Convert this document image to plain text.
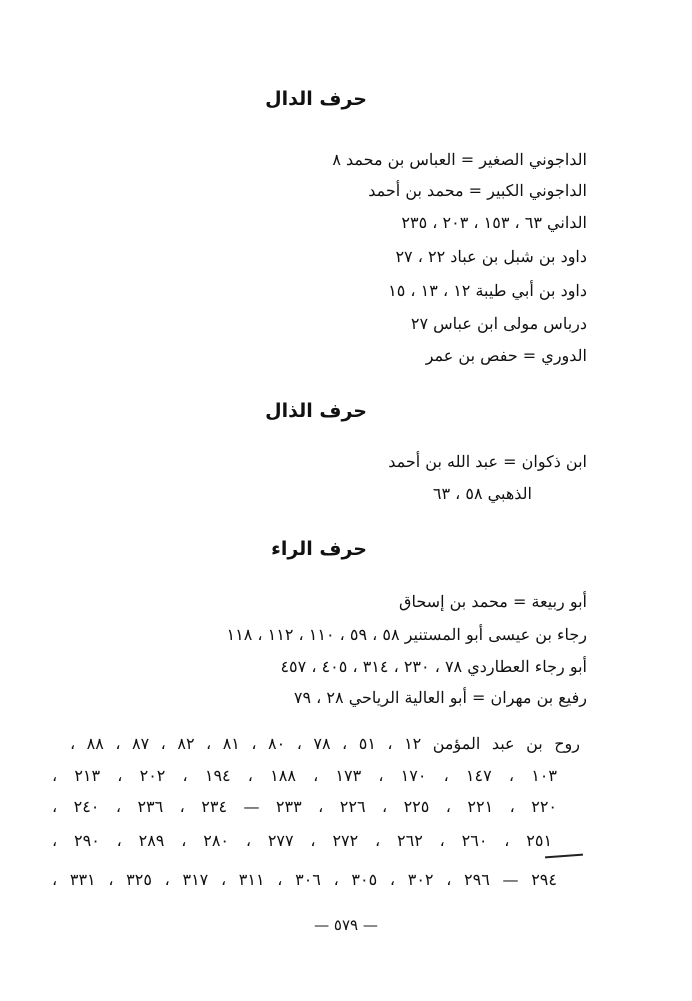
حرف الدال
الداجوني الصغير = العباس بن محمد ٨
الداجوني الكبير = محمد بن أحمد
الداني ٦٣ ، ١٥٣ ، ٢٠٣ ، ٢٣٥
داود بن شبل بن عباد ٢٢ ، ٢٧
داود بن أبي طيبة ١٢ ، ١٣ ، ١٥
درباس مولى ابن عباس ٢٧
الدوري = حفص بن عمر
حرف الذال
ابن ذكوان = عبد الله بن أحمد
الذهبي ٥٨ ، ٦٣
حرف الراء
أبو ربيعة = محمد بن إسحاق
رجاء بن عيسى أبو المستنير ٥٨ ، ٥٩ ، ١١٠ ، ١١٢ ، ١١٨
أبو رجاء العطاردي ٧٨ ، ٢٣٠ ، ٣١٤ ، ٤٠٥ ، ٤٥٧
رفيع بن مهران = أبو العالية الرياحي ٢٨ ، ٧٩
روح بن عبد المؤمن ١٢ ، ٥١ ، ٧٨ ، ٨٠ ، ٨١ ، ٨٢ ، ٨٧ ، ٨٨ ،
١٠٣ ، ١٤٧ ، ١٧٠ ، ١٧٣ ، ١٨٨ ، ١٩٤ ، ٢٠٢ ، ٢١٣ ،
٢٢٠ ، ٢٢١ ، ٢٢٥ ، ٢٢٦ ، ٢٣٣ — ٢٣٤ ، ٢٣٦ ، ٢٤٠ ،
٢٥١ ، ٢٦٠ ، ٢٦٢ ، ٢٧٢ ، ٢٧٧ ، ٢٨٠ ، ٢٨٩ ، ٢٩٠ ،
٢٩٤ — ٢٩٦ ، ٣٠٢ ، ٣٠٥ ، ٣٠٦ ، ٣١١ ، ٣١٧ ، ٣٢٥ ، ٣٣١ ،
— ٥٧٩ —
